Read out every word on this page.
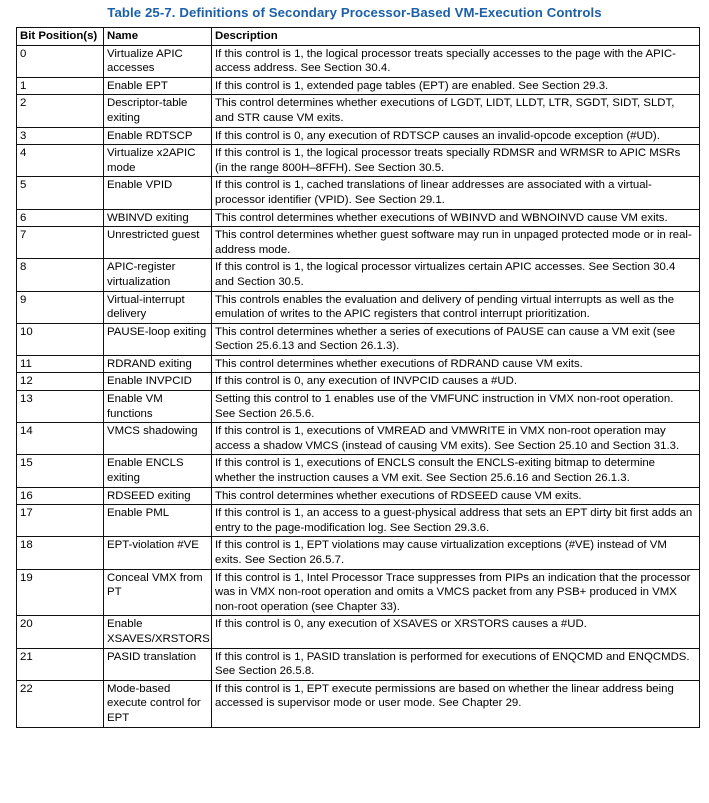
Table 25-7. Definitions of Secondary Processor-Based VM-Execution Controls
Bit Position(s)	Name	Description
0	Virtualize APIC accesses	If this control is 1, the logical processor treats specially accesses to the page with the APIC-access address. See Section 30.4.
1	Enable EPT	If this control is 1, extended page tables (EPT) are enabled. See Section 29.3.
2	Descriptor-table exiting	This control determines whether executions of LGDT, LIDT, LLDT, LTR, SGDT, SIDT, SLDT, and STR cause VM exits.
3	Enable RDTSCP	If this control is 0, any execution of RDTSCP causes an invalid-opcode exception (#UD).
4	Virtualize x2APIC mode	If this control is 1, the logical processor treats specially RDMSR and WRMSR to APIC MSRs (in the range 800H–8FFH). See Section 30.5.
5	Enable VPID	If this control is 1, cached translations of linear addresses are associated with a virtual-processor identifier (VPID). See Section 29.1.
6	WBINVD exiting	This control determines whether executions of WBINVD and WBNOINVD cause VM exits.
7	Unrestricted guest	This control determines whether guest software may run in unpaged protected mode or in real-address mode.
8	APIC-register virtualization	If this control is 1, the logical processor virtualizes certain APIC accesses. See Section 30.4 and Section 30.5.
9	Virtual-interrupt delivery	This controls enables the evaluation and delivery of pending virtual interrupts as well as the emulation of writes to the APIC registers that control interrupt prioritization.
10	PAUSE-loop exiting	This control determines whether a series of executions of PAUSE can cause a VM exit (see Section 25.6.13 and Section 26.1.3).
11	RDRAND exiting	This control determines whether executions of RDRAND cause VM exits.
12	Enable INVPCID	If this control is 0, any execution of INVPCID causes a #UD.
13	Enable VM functions	Setting this control to 1 enables use of the VMFUNC instruction in VMX non-root operation. See Section 26.5.6.
14	VMCS shadowing	If this control is 1, executions of VMREAD and VMWRITE in VMX non-root operation may access a shadow VMCS (instead of causing VM exits). See Section 25.10 and Section 31.3.
15	Enable ENCLS exiting	If this control is 1, executions of ENCLS consult the ENCLS-exiting bitmap to determine whether the instruction causes a VM exit. See Section 25.6.16 and Section 26.1.3.
16	RDSEED exiting	This control determines whether executions of RDSEED cause VM exits.
17	Enable PML	If this control is 1, an access to a guest-physical address that sets an EPT dirty bit first adds an entry to the page-modification log. See Section 29.3.6.
18	EPT-violation #VE	If this control is 1, EPT violations may cause virtualization exceptions (#VE) instead of VM exits. See Section 26.5.7.
19	Conceal VMX from PT	If this control is 1, Intel Processor Trace suppresses from PIPs an indication that the processor was in VMX non-root operation and omits a VMCS packet from any PSB+ produced in VMX non-root operation (see Chapter 33).
20	Enable XSAVES/XRSTORS	If this control is 0, any execution of XSAVES or XRSTORS causes a #UD.
21	PASID translation	If this control is 1, PASID translation is performed for executions of ENQCMD and ENQCMDS. See Section 26.5.8.
22	Mode-based execute control for EPT	If this control is 1, EPT execute permissions are based on whether the linear address being accessed is supervisor mode or user mode. See Chapter 29.
